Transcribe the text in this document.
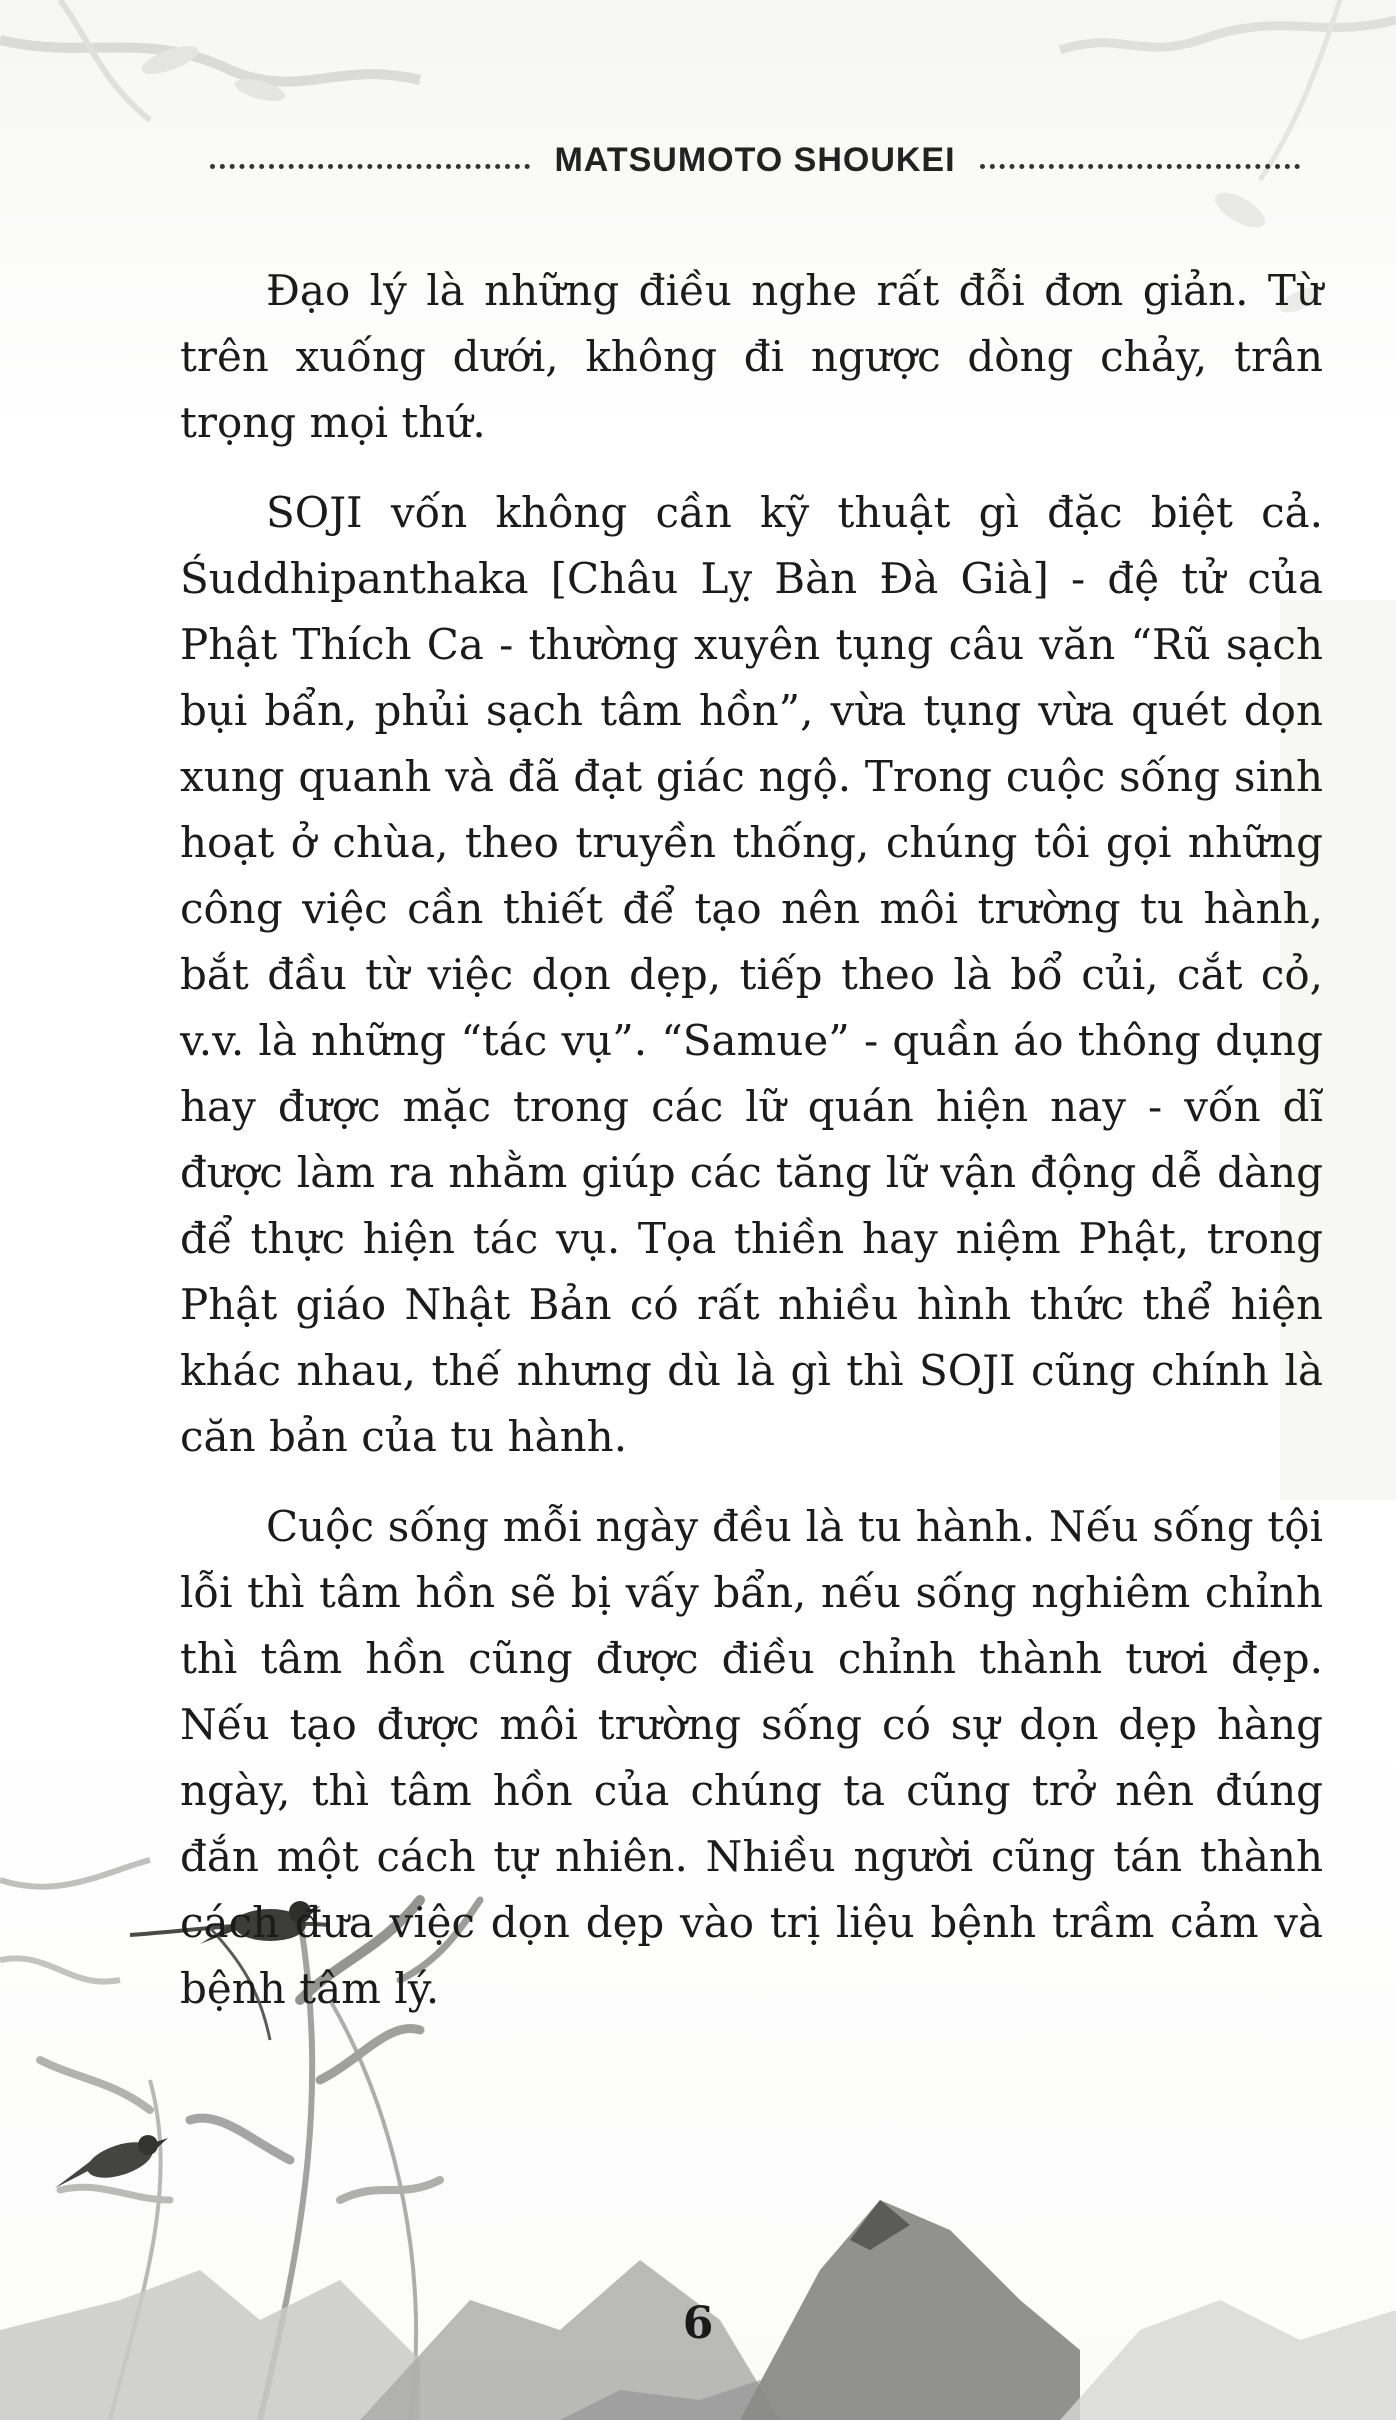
MATSUMOTO SHOUKEI

Đạo lý là những điều nghe rất đỗi đơn giản. Từ trên xuống dưới, không đi ngược dòng chảy, trân trọng mọi thứ.

SOJI vốn không cần kỹ thuật gì đặc biệt cả. Śuddhipanthaka [Châu Lỵ Bàn Đà Già] - đệ tử của Phật Thích Ca - thường xuyên tụng câu văn “Rũ sạch bụi bẩn, phủi sạch tâm hồn”, vừa tụng vừa quét dọn xung quanh và đã đạt giác ngộ. Trong cuộc sống sinh hoạt ở chùa, theo truyền thống, chúng tôi gọi những công việc cần thiết để tạo nên môi trường tu hành, bắt đầu từ việc dọn dẹp, tiếp theo là bổ củi, cắt cỏ, v.v. là những “tác vụ”. “Samue” - quần áo thông dụng hay được mặc trong các lữ quán hiện nay - vốn dĩ được làm ra nhằm giúp các tăng lữ vận động dễ dàng để thực hiện tác vụ. Tọa thiền hay niệm Phật, trong Phật giáo Nhật Bản có rất nhiều hình thức thể hiện khác nhau, thế nhưng dù là gì thì SOJI cũng chính là căn bản của tu hành.

Cuộc sống mỗi ngày đều là tu hành. Nếu sống tội lỗi thì tâm hồn sẽ bị vấy bẩn, nếu sống nghiêm chỉnh thì tâm hồn cũng được điều chỉnh thành tươi đẹp. Nếu tạo được môi trường sống có sự dọn dẹp hàng ngày, thì tâm hồn của chúng ta cũng trở nên đúng đắn một cách tự nhiên. Nhiều người cũng tán thành cách đưa việc dọn dẹp vào trị liệu bệnh trầm cảm và bệnh tâm lý.

6
